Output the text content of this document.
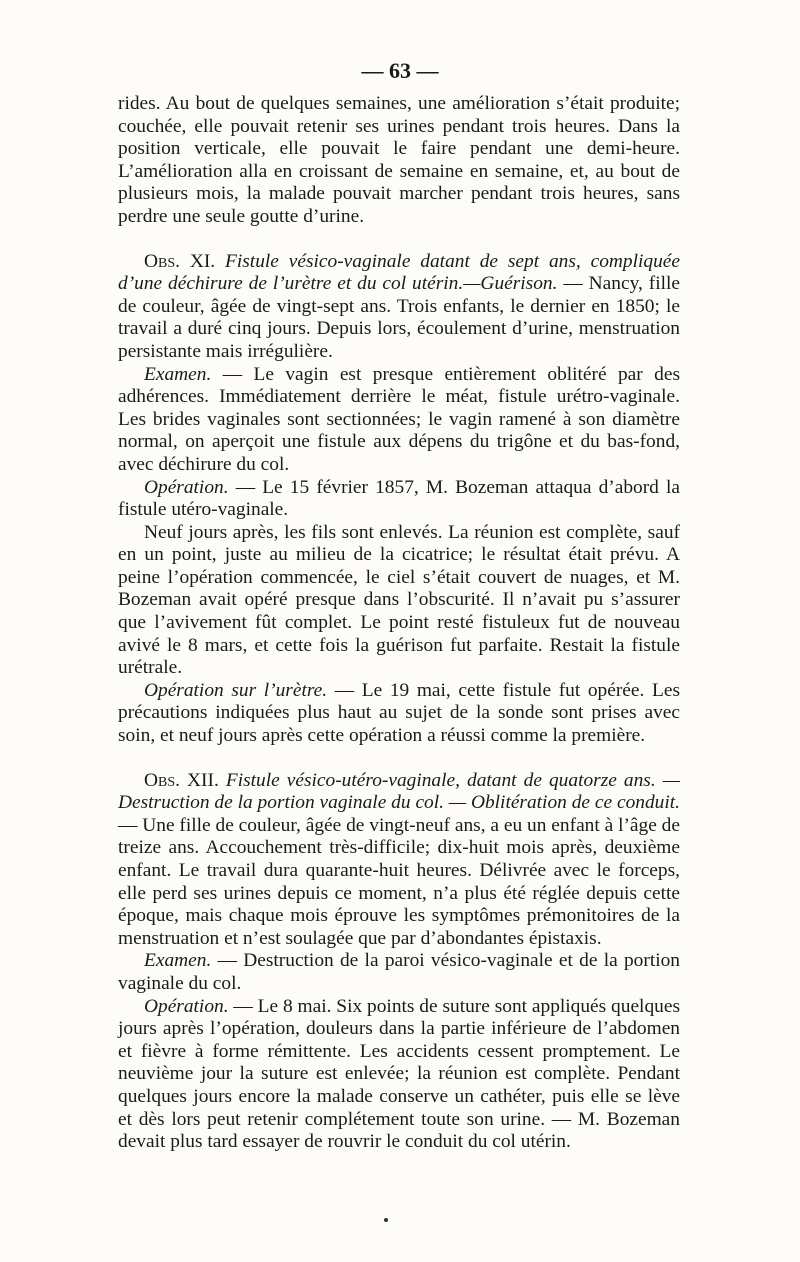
— 63 —

rides. Au bout de quelques semaines, une amélioration s’était produite; couchée, elle pouvait retenir ses urines pendant trois heures. Dans la position verticale, elle pouvait le faire pendant une demi-heure. L’amélioration alla en croissant de semaine en semaine, et, au bout de plusieurs mois, la malade pouvait marcher pendant trois heures, sans perdre une seule goutte d’urine.

Obs. XI. Fistule vésico-vaginale datant de sept ans, compliquée d’une déchirure de l’urètre et du col utérin.—Guérison. — Nancy, fille de couleur, âgée de vingt-sept ans. Trois enfants, le dernier en 1850; le travail a duré cinq jours. Depuis lors, écoulement d’urine, menstruation persistante mais irrégulière.

Examen. — Le vagin est presque entièrement oblitéré par des adhérences. Immédiatement derrière le méat, fistule urétro-vaginale. Les brides vaginales sont sectionnées; le vagin ramené à son diamètre normal, on aperçoit une fistule aux dépens du trigône et du bas-fond, avec déchirure du col.

Opération. — Le 15 février 1857, M. Bozeman attaqua d’abord la fistule utéro-vaginale.

Neuf jours après, les fils sont enlevés. La réunion est complète, sauf en un point, juste au milieu de la cicatrice; le résultat était prévu. A peine l’opération commencée, le ciel s’était couvert de nuages, et M. Bozeman avait opéré presque dans l’obscurité. Il n’avait pu s’assurer que l’avivement fût complet. Le point resté fistuleux fut de nouveau avivé le 8 mars, et cette fois la guérison fut parfaite. Restait la fistule urétrale.

Opération sur l’urètre. — Le 19 mai, cette fistule fut opérée. Les précautions indiquées plus haut au sujet de la sonde sont prises avec soin, et neuf jours après cette opération a réussi comme la première.

Obs. XII. Fistule vésico-utéro-vaginale, datant de quatorze ans. — Destruction de la portion vaginale du col. — Oblitération de ce conduit. — Une fille de couleur, âgée de vingt-neuf ans, a eu un enfant à l’âge de treize ans. Accouchement très-difficile; dix-huit mois après, deuxième enfant. Le travail dura quarante-huit heures. Délivrée avec le forceps, elle perd ses urines depuis ce moment, n’a plus été réglée depuis cette époque, mais chaque mois éprouve les symptômes prémonitoires de la menstruation et n’est soulagée que par d’abondantes épistaxis.

Examen. — Destruction de la paroi vésico-vaginale et de la portion vaginale du col.

Opération. — Le 8 mai. Six points de suture sont appliqués quelques jours après l’opération, douleurs dans la partie inférieure de l’abdomen et fièvre à forme rémittente. Les accidents cessent promptement. Le neuvième jour la suture est enlevée; la réunion est complète. Pendant quelques jours encore la malade conserve un cathéter, puis elle se lève et dès lors peut retenir complétement toute son urine. — M. Bozeman devait plus tard essayer de rouvrir le conduit du col utérin.
